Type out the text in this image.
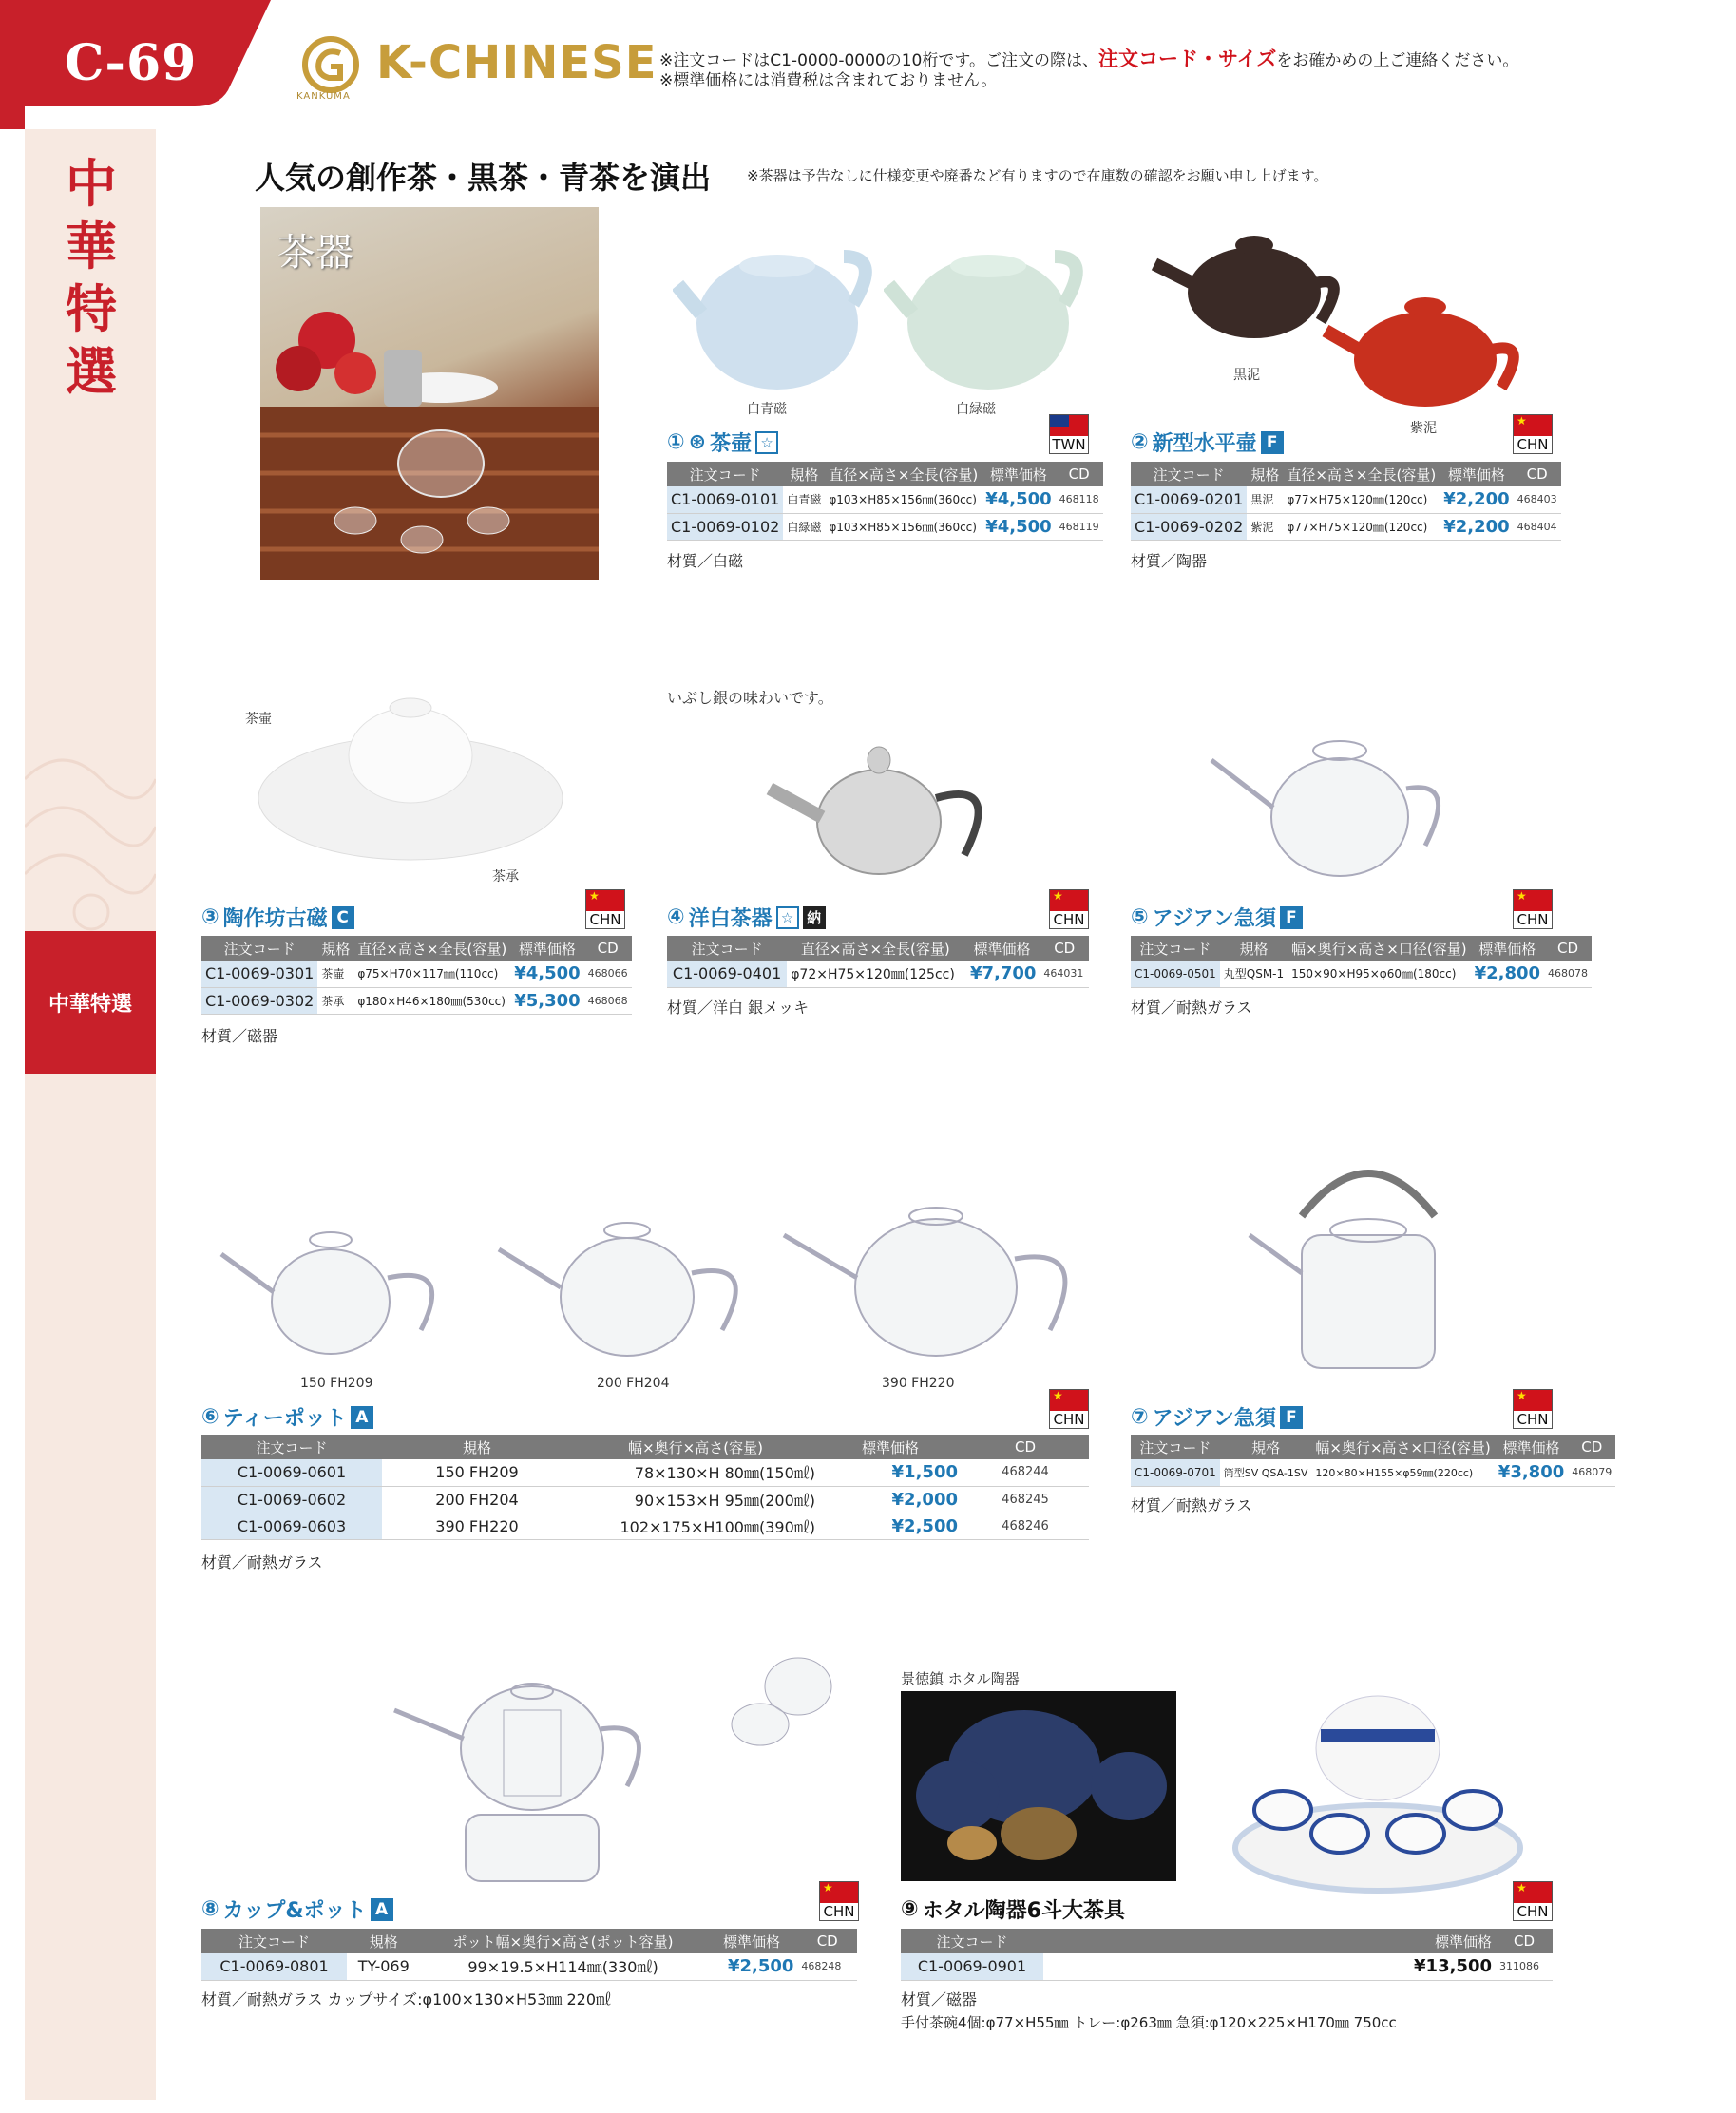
C-69
中
華
特
選
中華特選
KANKUMA
K-CHINESE ※注文コードはC1-0000-0000の10桁です。ご注文の際は、注文コード・サイズをお確かめの上ご連絡ください。
※標準価格には消費税は含まれておりません。
人気の創作茶・黒茶・青茶を演出	※茶器は予告なしに仕様変更や廃番など有りますので在庫数の確認をお願い申し上げます。
茶器
白青磁	白緑磁
① ⊛ 茶壷 ☆	TWN
注文コード	規格	直径×高さ×全長(容量)	標準価格	CD
C1-0069-0101	白青磁	φ103×H85×156㎜(360cc)	¥4,500	468118
C1-0069-0102	白緑磁	φ103×H85×156㎜(360cc)	¥4,500	468119
材質／白磁
黒泥
紫泥
② 新型水平壷 F
★
CHN
注文コード	規格	直径×高さ×全長(容量)	標準価格	CD
C1-0069-0201	黒泥	φ77×H75×120㎜(120cc)	¥2,200	468403
C1-0069-0202	紫泥	φ77×H75×120㎜(120cc)	¥2,200	468404
材質／陶器
茶壷
茶承
③ 陶作坊古磁 C
★
CHN
注文コード	規格	直径×高さ×全長(容量)	標準価格	CD
C1-0069-0301	茶壷	φ75×H70×117㎜(110cc)	¥4,500	468066
C1-0069-0302	茶承	φ180×H46×180㎜(530cc)	¥5,300	468068
材質／磁器
いぶし銀の味わいです。
④ 洋白茶器 ☆ 納
★
CHN
注文コード	直径×高さ×全長(容量)	標準価格	CD
C1-0069-0401	φ72×H75×120㎜(125cc)	¥7,700	464031
材質／洋白 銀メッキ
⑤ アジアン急須 F
★
CHN
注文コード	規格	幅×奥行×高さ×口径(容量)	標準価格	CD
C1-0069-0501	丸型QSM-1	150×90×H95×φ60㎜(180cc)	¥2,800	468078
材質／耐熱ガラス
150 FH209	200 FH204	390 FH220
⑥ ティーポット A
★
CHN
注文コード	規格	幅×奥行×高さ(容量)	標準価格	CD
C1-0069-0601	150 FH209	78×130×H 80㎜(150㎖)	¥1,500	468244
C1-0069-0602	200 FH204	90×153×H 95㎜(200㎖)	¥2,000	468245
C1-0069-0603	390 FH220	102×175×H100㎜(390㎖)	¥2,500	468246
材質／耐熱ガラス
⑦ アジアン急須 F
★
CHN
注文コード	規格	幅×奥行×高さ×口径(容量)	標準価格	CD
C1-0069-0701	筒型SV QSA-1SV	120×80×H155×φ59㎜(220cc)	¥3,800	468079
材質／耐熱ガラス
⑧ カップ&ポット A
★
CHN
注文コード	規格	ポット幅×奥行×高さ(ポット容量)	標準価格	CD
C1-0069-0801	TY-069	99×19.5×H114㎜(330㎖)	¥2,500	468248
材質／耐熱ガラス カップサイズ:φ100×130×H53㎜ 220㎖
景徳鎮 ホタル陶器
⑨ ホタル陶器6斗大茶具
★
CHN
注文コード	標準価格	CD
C1-0069-0901	¥13,500	311086
材質／磁器
手付茶碗4個:φ77×H55㎜ トレー:φ263㎜ 急須:φ120×225×H170㎜ 750cc
